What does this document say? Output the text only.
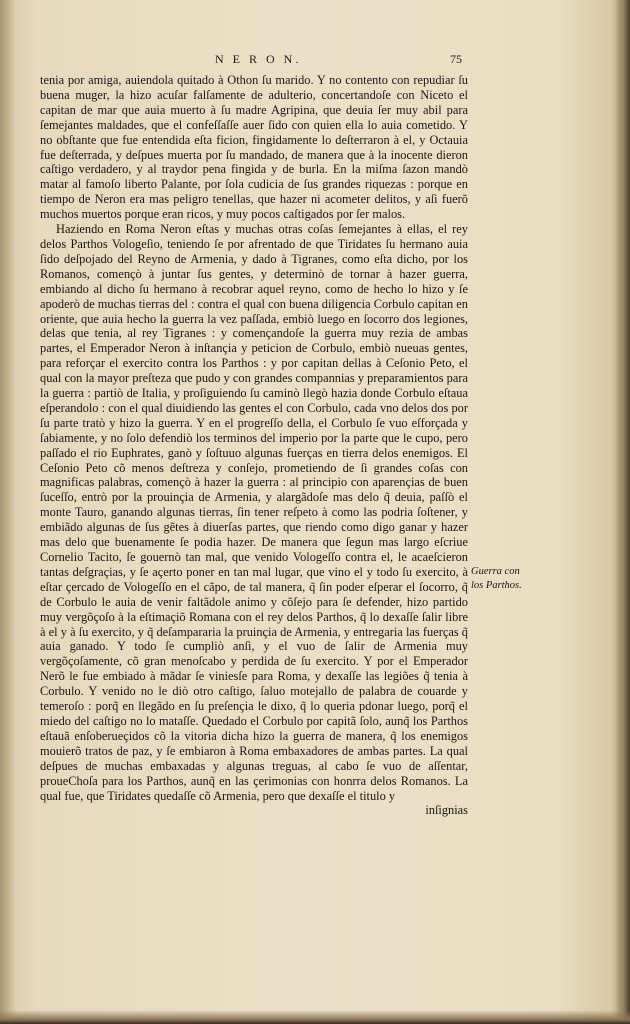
N E R O N.	75

tenia por amiga, auiendola quitado à Othon ſu marido. Y no contento con repudiar ſu buena muger, la hizo acuſar falſamente de adulterio, concertandoſe con Niceto el capitan de mar que auia muerto à ſu madre Agripina, que deuia ſer muy abil para ſemejantes maldades, que el confeſſaſſe auer ſido con quien ella lo auia cometido. Y no obſtante que fue entendida eſta ficion, fingidamente lo deſterraron à el, y Octauia fue deſterrada, y deſpues muerta por ſu mandado, de manera que à la inocente dieron caſtigo verdadero, y al traydor pena fingida y de burla. En la miſma ſazon mandò matar al famoſo liberto Palante, por ſola cudicia de ſus grandes riquezas : porque en tiempo de Neron era mas peligro tenellas, que hazer ni acometer delitos, y aſi fuerõ muchos muertos porque eran ricos, y muy pocos caſtigados por ſer malos.

Haziendo en Roma Neron eſtas y muchas otras coſas ſemejantes à ellas, el rey delos Parthos Vologeſio, teniendo ſe por afrentado de que Tiridates ſu hermano auia ſido deſpojado del Reyno de Armenia, y dado à Tigranes, como eſta dicho, por los Romanos, començò à juntar ſus gentes, y determinò de tornar à hazer guerra, embiando al dicho ſu hermano à recobrar aquel reyno, como de hecho lo hizo y ſe apoderò de muchas tierras del : contra el qual con buena diligencia Corbulo capitan en oriente, que auia hecho la guerra la vez paſſada, embiò luego en ſocorro dos legiones, delas que tenia, al rey Tigranes : y començandoſe la guerra muy rezia de ambas partes, el Emperador Neron à inſtançia y peticion de Corbulo, embiò nueuas gentes, para reforçar el exercito contra los Parthos : y por capitan dellas à Ceſonio Peto, el qual con la mayor preſteza que pudo y con grandes compannias y preparamientos para la guerra : partiò de Italia, y proſiguiendo ſu caminò llegò hazia donde Corbulo eſtaua eſperandolo : con el qual diuidiendo las gentes el con Corbulo, cada vno delos dos por ſu parte tratò y hizo la guerra. Y en el progreſſo della, el Corbulo ſe vuo eſforçada y ſabiamente, y no ſolo defendiò los terminos del imperio por la parte que le cupo, pero paſſado el rio Euphrates, ganò y ſoſtuuo algunas fuerças en tierra delos enemigos. El Ceſonio Peto cõ menos deſtreza y conſejo, prometiendo de ſi grandes coſas con magnificas palabras, començò à hazer la guerra : al principio con aparençias de buen ſuceſſo, entrò por la prouinçia de Armenia, y alargãdoſe mas delo q̃ deuia, paſſò el monte Tauro, ganando algunas tierras, ſin tener reſpeto à como las podria ſoſtener, y embiãdo algunas de ſus gẽtes à diuerſas partes, que riendo como digo ganar y hazer mas delo que buenamente ſe podia hazer. De manera que ſegun mas largo eſcriue Cornelio Tacito, ſe gouernò tan mal, que venido Vologeſſo contra el, le acaeſcieron tantas deſgraçias, y ſe açerto poner en tan mal lugar, que vino el y todo ſu exercito, à eſtar çercado de Vologeſſo en el cãpo, de tal manera, q̃ ſin poder eſperar el ſocorro, q̃ de Corbulo le auia de venir faltãdole animo y cõſejo para ſe defender, hizo partido muy vergõçoſo à la eſtimaçiõ Romana con el rey delos Parthos, q̃ lo dexaſſe ſalir libre à el y à ſu exercito, y q̃ deſampararia la pruinçia de Armenia, y entregaria las fuerças q̃ auia ganado. Y todo ſe cumpliò anſi, y el vuo de ſalir de Armenia muy vergõçoſamente, cõ gran menoſcabo y perdida de ſu exercito. Y por el Emperador Nerõ le fue embiado à mãdar ſe viniesſe para Roma, y dexaſſe las legiões q̃ tenia à Corbulo. Y venido no le diò otro caſtigo, ſaluo motejallo de palabra de couarde y temeroſo : porq̃ en llegãdo en ſu preſençia le dixo, q̃ lo queria pdonar luego, porq̃ el miedo del caſtigo no lo mataſſe. Quedado el Corbulo por capitã ſolo, aunq̃ los Parthos eſtauã enſoberueçidos cõ la vitoria dicha hizo la guerra de manera, q̃ los enemigos mouierõ tratos de paz, y ſe embiaron à Roma embaxadores de ambas partes. La qual deſpues de muchas embaxadas y algunas treguas, al cabo ſe vuo de aſſentar, proueChoſa para los Parthos, aunq̃ en las çerimonias con honrra delos Romanos. La qual fue, que Tiridates quedaſſe cõ Armenia, pero que dexaſſe el titulo y

inſignias
Guerra con
los Parthos.
